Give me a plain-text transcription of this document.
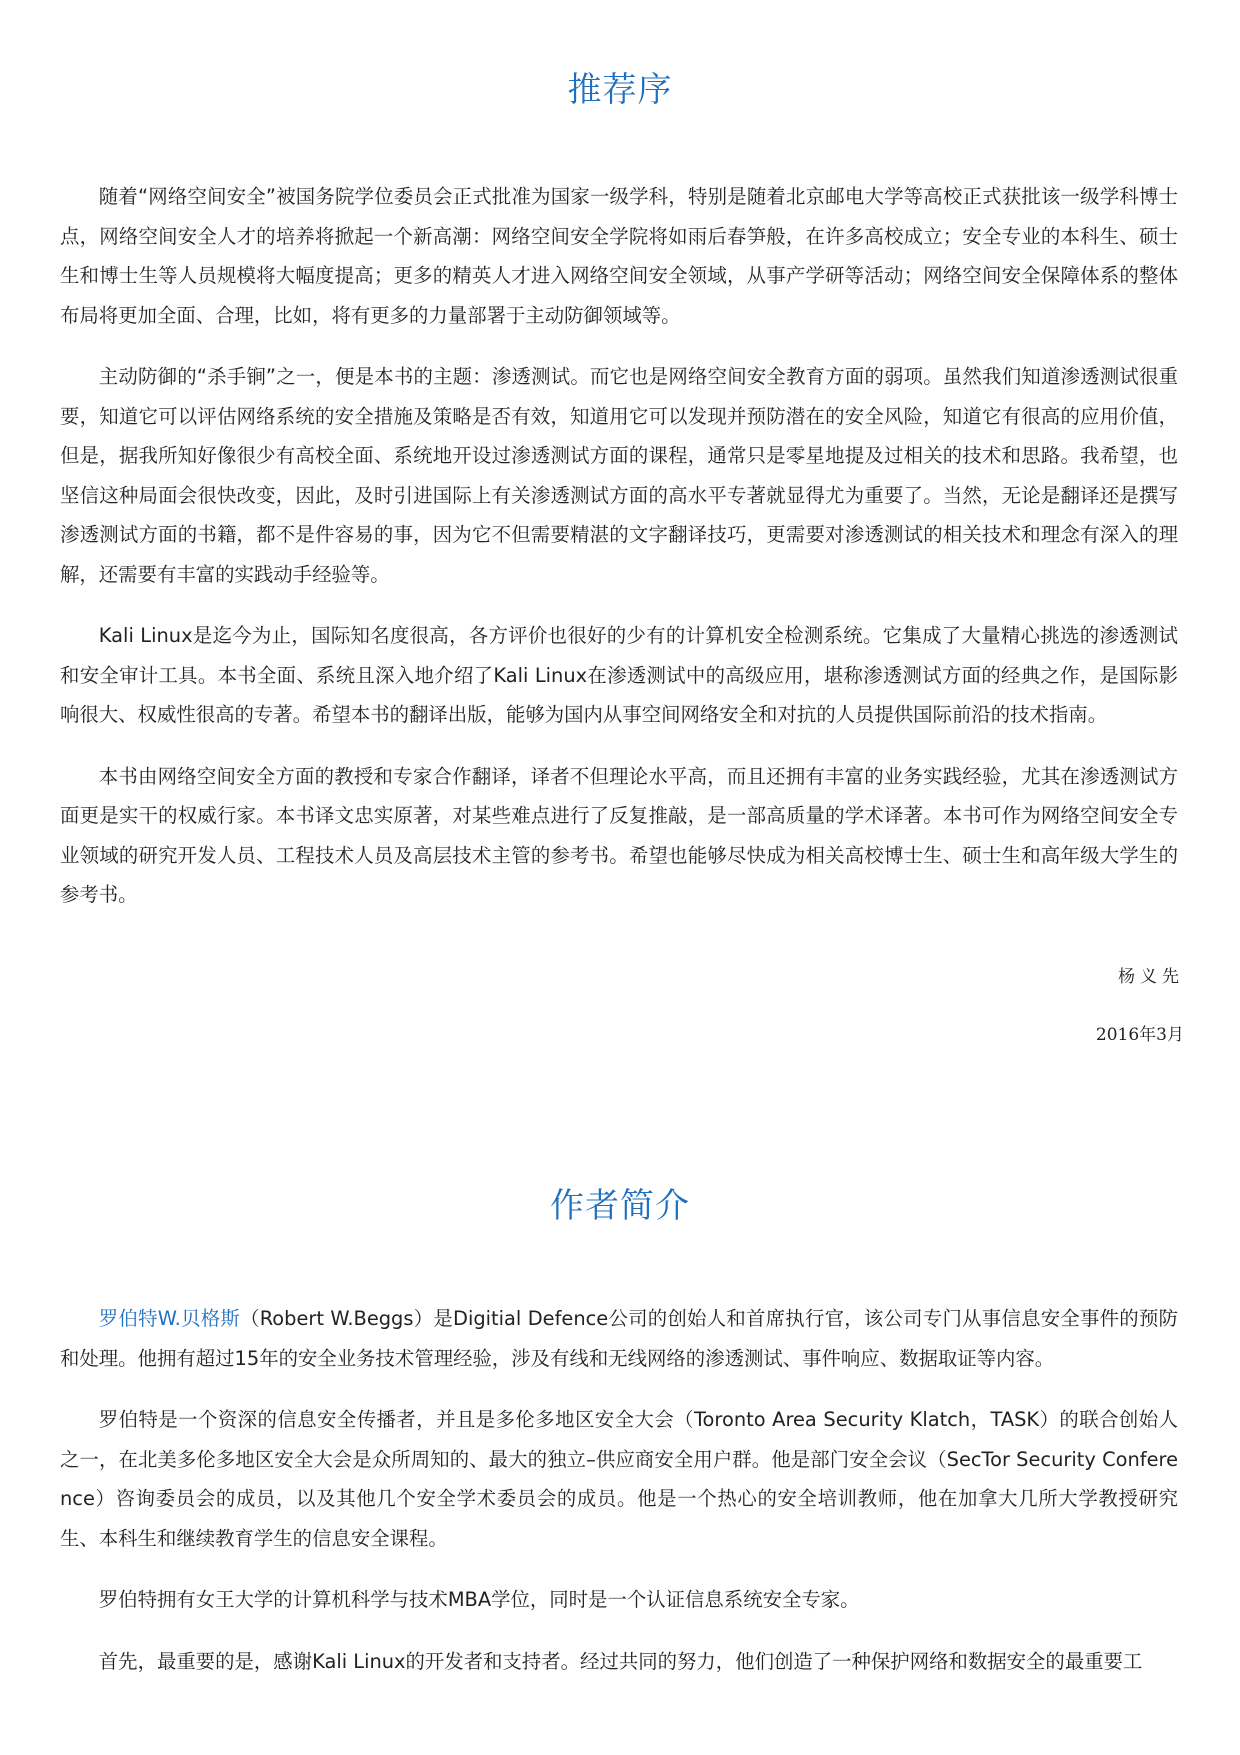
推荐序

随着“网络空间安全”被国务院学位委员会正式批准为国家一级学科，特别是随着北京邮电大学等高校正式获批该一级学科博士点，网络空间安全人才的培养将掀起一个新高潮：网络空间安全学院将如雨后春笋般，在许多高校成立；安全专业的本科生、硕士生和博士生等人员规模将大幅度提高；更多的精英人才进入网络空间安全领域，从事产学研等活动；网络空间安全保障体系的整体布局将更加全面、合理，比如，将有更多的力量部署于主动防御领域等。

主动防御的“杀手锏”之一，便是本书的主题：渗透测试。而它也是网络空间安全教育方面的弱项。虽然我们知道渗透测试很重要，知道它可以评估网络系统的安全措施及策略是否有效，知道用它可以发现并预防潜在的安全风险，知道它有很高的应用价值，但是，据我所知好像很少有高校全面、系统地开设过渗透测试方面的课程，通常只是零星地提及过相关的技术和思路。我希望，也坚信这种局面会很快改变，因此，及时引进国际上有关渗透测试方面的高水平专著就显得尤为重要了。当然，无论是翻译还是撰写渗透测试方面的书籍，都不是件容易的事，因为它不但需要精湛的文字翻译技巧，更需要对渗透测试的相关技术和理念有深入的理解，还需要有丰富的实践动手经验等。

Kali Linux是迄今为止，国际知名度很高，各方评价也很好的少有的计算机安全检测系统。它集成了大量精心挑选的渗透测试和安全审计工具。本书全面、系统且深入地介绍了Kali Linux在渗透测试中的高级应用，堪称渗透测试方面的经典之作，是国际影响很大、权威性很高的专著。希望本书的翻译出版，能够为国内从事空间网络安全和对抗的人员提供国际前沿的技术指南。

本书由网络空间安全方面的教授和专家合作翻译，译者不但理论水平高，而且还拥有丰富的业务实践经验，尤其在渗透测试方面更是实干的权威行家。本书译文忠实原著，对某些难点进行了反复推敲，是一部高质量的学术译著。本书可作为网络空间安全专业领域的研究开发人员、工程技术人员及高层技术主管的参考书。希望也能够尽快成为相关高校博士生、硕士生和高年级大学生的参考书。

杨义先

2016年3月

作者简介

罗伯特W.贝格斯（Robert W.Beggs）是Digitial Defence公司的创始人和首席执行官，该公司专门从事信息安全事件的预防和处理。他拥有超过15年的安全业务技术管理经验，涉及有线和无线网络的渗透测试、事件响应、数据取证等内容。

罗伯特是一个资深的信息安全传播者，并且是多伦多地区安全大会（Toronto Area Security Klatch，TASK）的联合创始人之一，在北美多伦多地区安全大会是众所周知的、最大的独立–供应商安全用户群。他是部门安全会议（SecTor Security Conference）咨询委员会的成员，以及其他几个安全学术委员会的成员。他是一个热心的安全培训教师，他在加拿大几所大学教授研究生、本科生和继续教育学生的信息安全课程。

罗伯特拥有女王大学的计算机科学与技术MBA学位，同时是一个认证信息系统安全专家。

首先，最重要的是，感谢Kali Linux的开发者和支持者。经过共同的努力，他们创造了一种保护网络和数据安全的最重要工
